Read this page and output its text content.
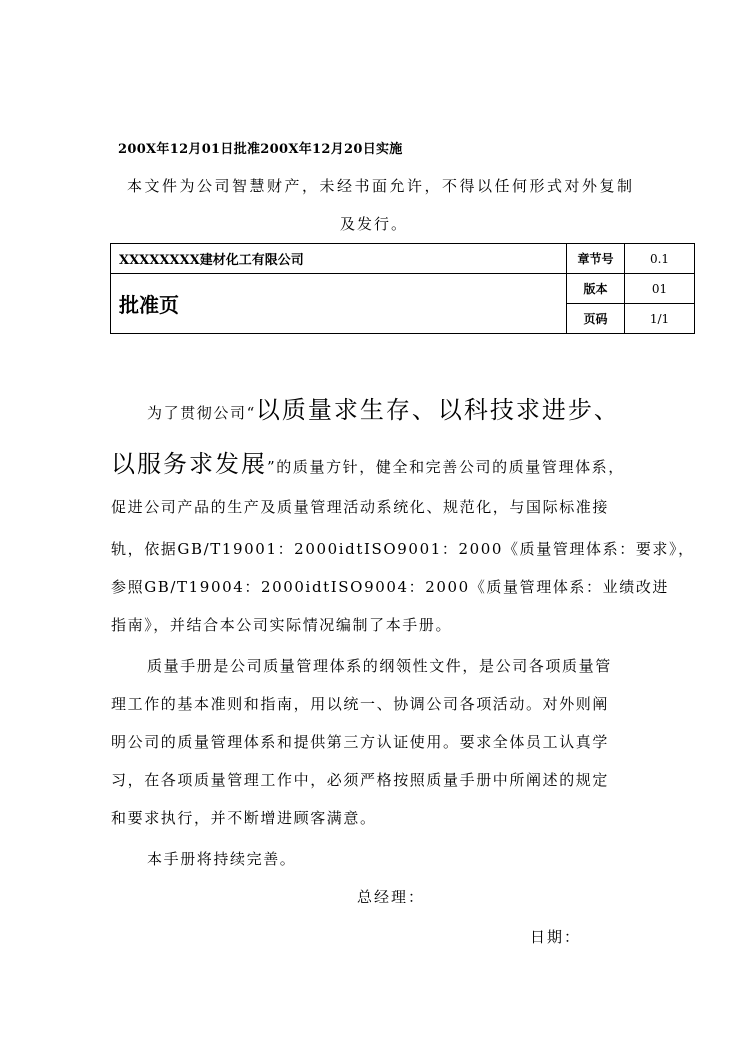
200X年12月01日批准200X年12月20日实施
本文件为公司智慧财产，未经书面允许，不得以任何形式对外复制
及发行。
XXXXXXXX建材化工有限公司	章节号	0.1
批准页	版本	01
	页码	1/1
为了贯彻公司“以质量求生存、以科技求进步、
以服务求发展”的质量方针，健全和完善公司的质量管理体系，
促进公司产品的生产及质量管理活动系统化、规范化，与国际标准接
轨，依据GB/T19001：2000idtISO9001：2000《质量管理体系：要求》，
参照GB/T19004：2000idtISO9004：2000《质量管理体系：业绩改进
指南》，并结合本公司实际情况编制了本手册。
质量手册是公司质量管理体系的纲领性文件，是公司各项质量管
理工作的基本准则和指南，用以统一、协调公司各项活动。对外则阐
明公司的质量管理体系和提供第三方认证使用。要求全体员工认真学
习，在各项质量管理工作中，必须严格按照质量手册中所阐述的规定
和要求执行，并不断增进顾客满意。
本手册将持续完善。
总经理：
日期：
